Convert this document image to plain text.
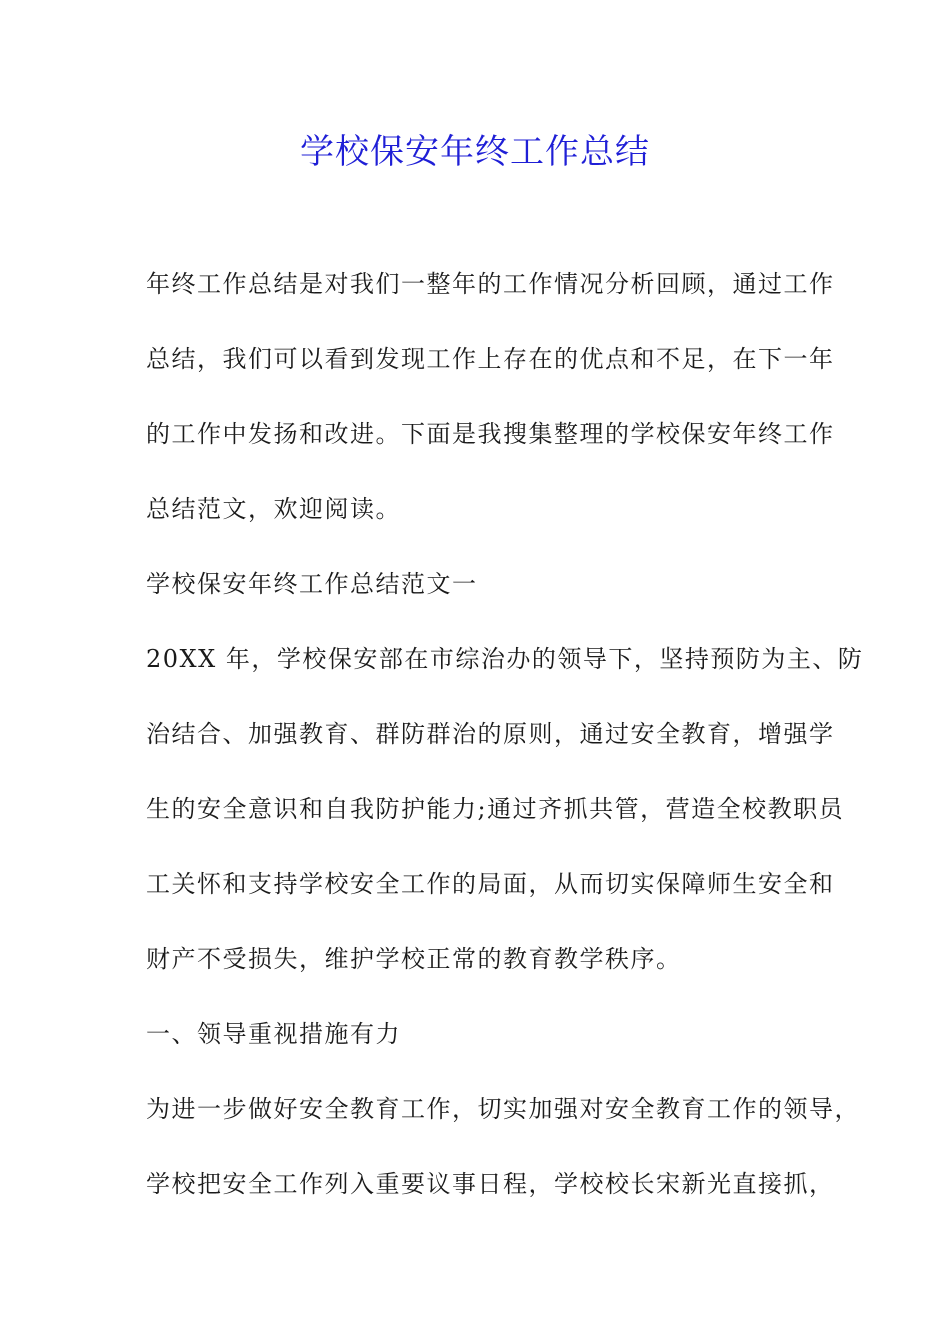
学校保安年终工作总结
年终工作总结是对我们一整年的工作情况分析回顾，通过工作
总结，我们可以看到发现工作上存在的优点和不足，在下一年
的工作中发扬和改进。下面是我搜集整理的学校保安年终工作
总结范文，欢迎阅读。
学校保安年终工作总结范文一
20XX 年，学校保安部在市综治办的领导下，坚持预防为主、防
治结合、加强教育、群防群治的原则，通过安全教育，增强学
生的安全意识和自我防护能力;通过齐抓共管，营造全校教职员
工关怀和支持学校安全工作的局面，从而切实保障师生安全和
财产不受损失，维护学校正常的教育教学秩序。
一、领导重视措施有力
为进一步做好安全教育工作，切实加强对安全教育工作的领导，
学校把安全工作列入重要议事日程，学校校长宋新光直接抓，
